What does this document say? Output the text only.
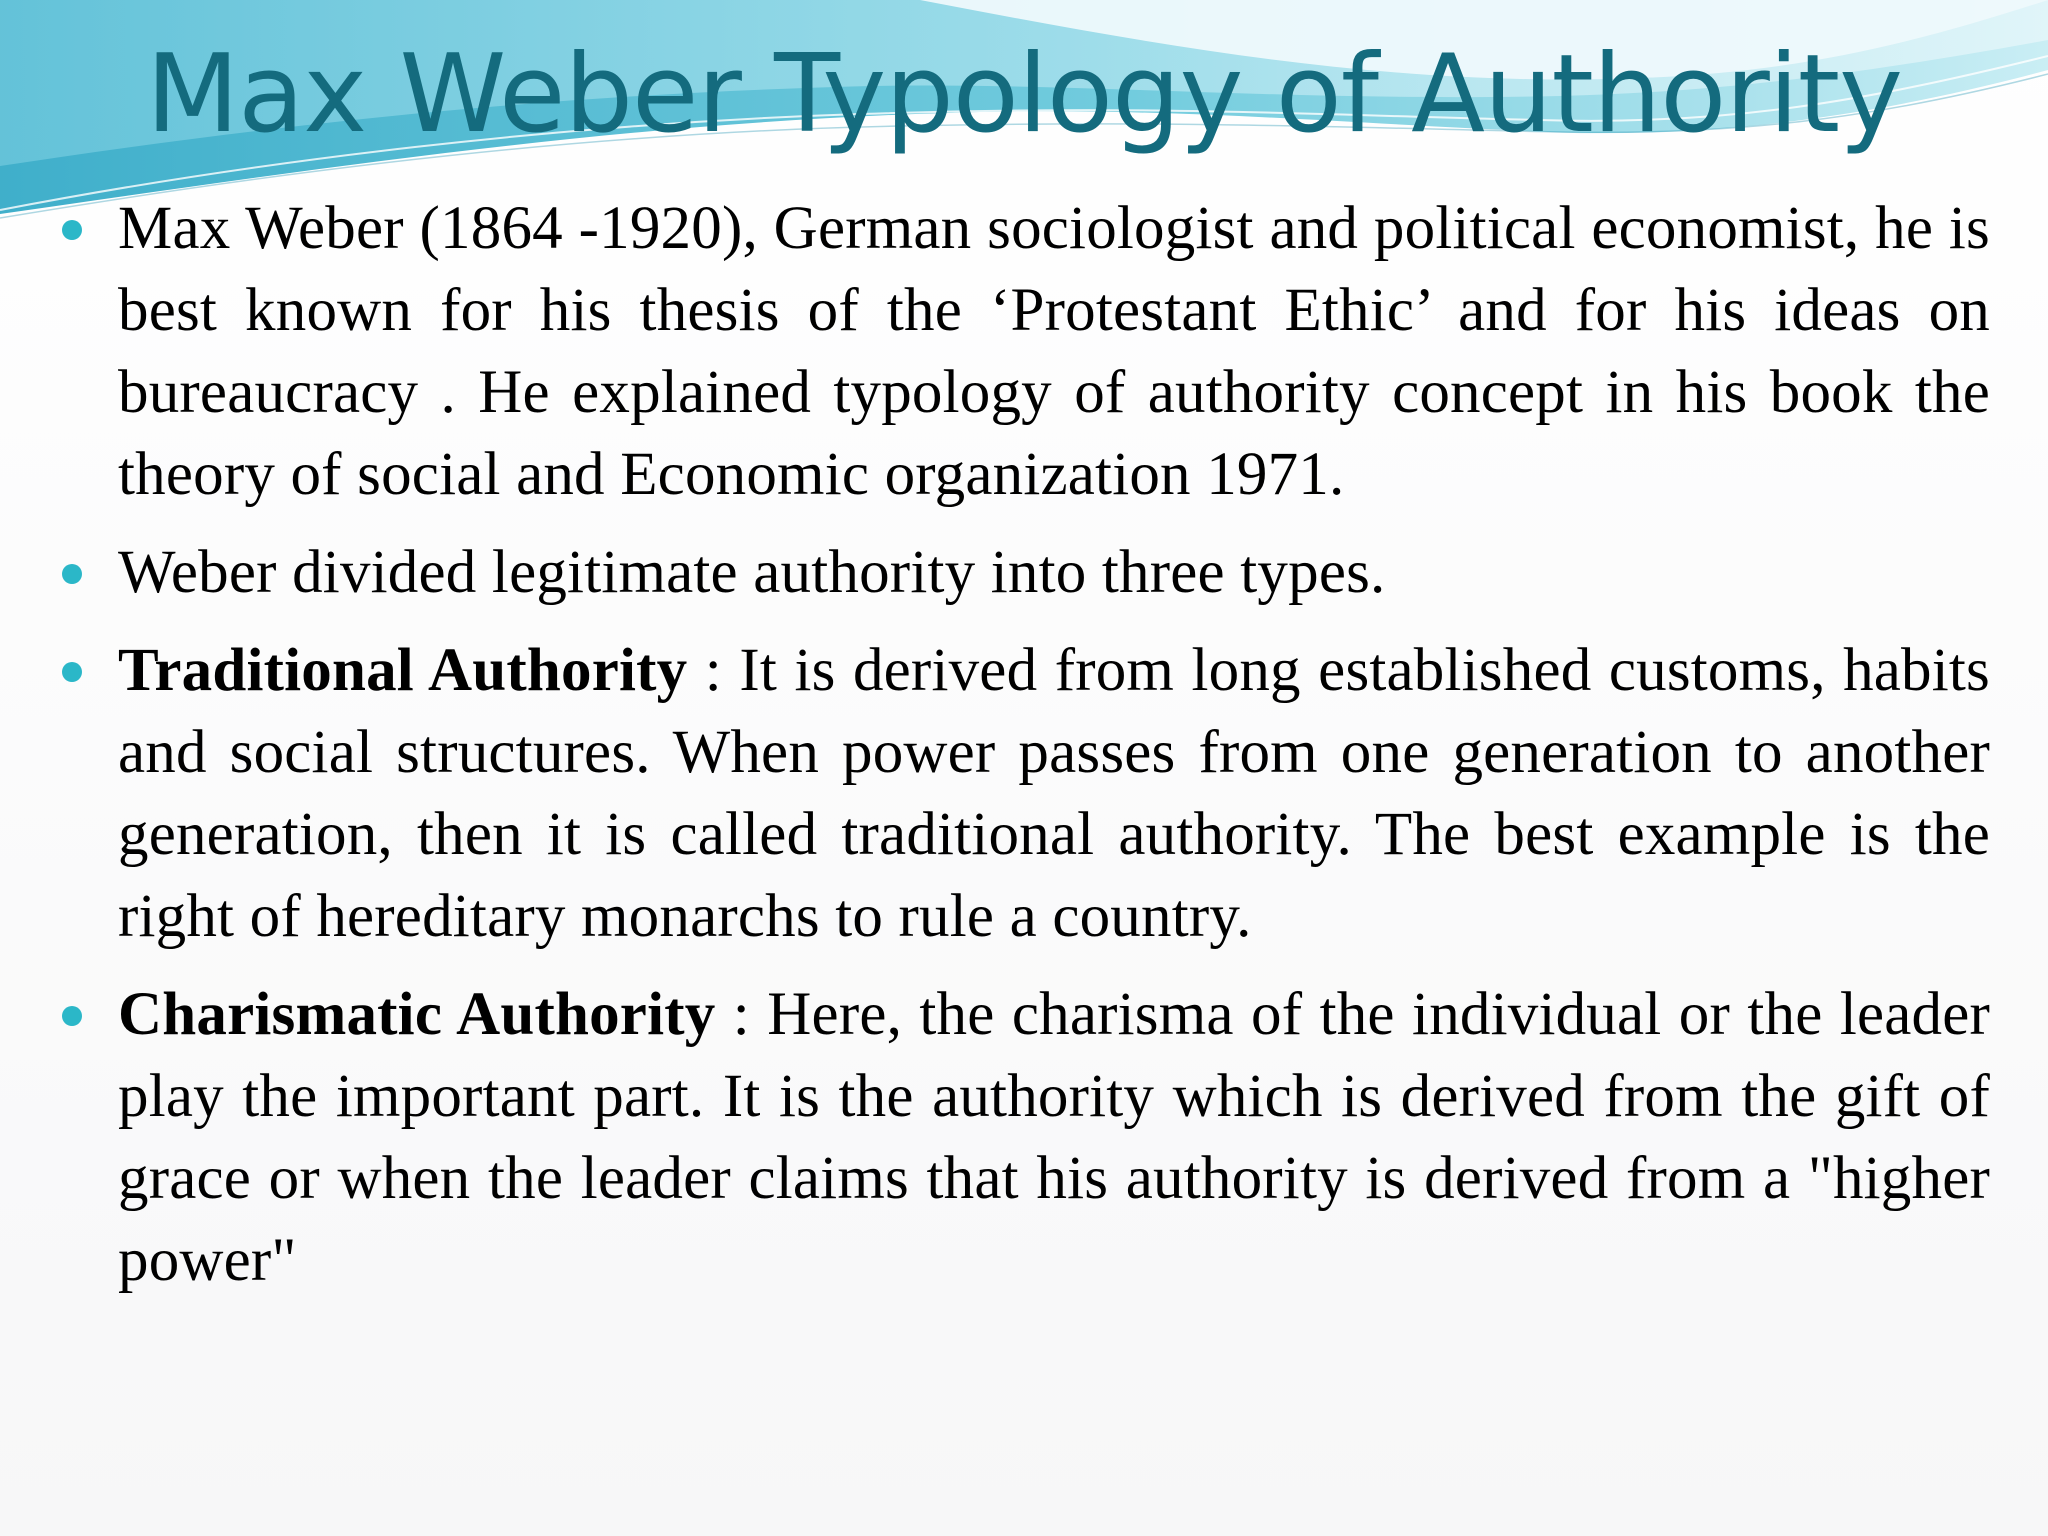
Max Weber Typology of Authority

Max Weber (1864 -1920), German sociologist and political economist, he is best known for his thesis of the ‘Protestant Ethic’ and for his ideas on bureaucracy . He explained typology of authority concept in his book the theory of social and Economic organization 1971.

Weber divided legitimate authority into three types.

Traditional Authority : It is derived from long established customs, habits and social structures. When power passes from one generation to another generation, then it is called traditional authority. The best example is the right of hereditary monarchs to rule a country.

Charismatic Authority : Here, the charisma of the individual or the leader play the important part. It is the authority which is derived from the gift of grace or when the leader claims that his authority is derived from a "higher power"
